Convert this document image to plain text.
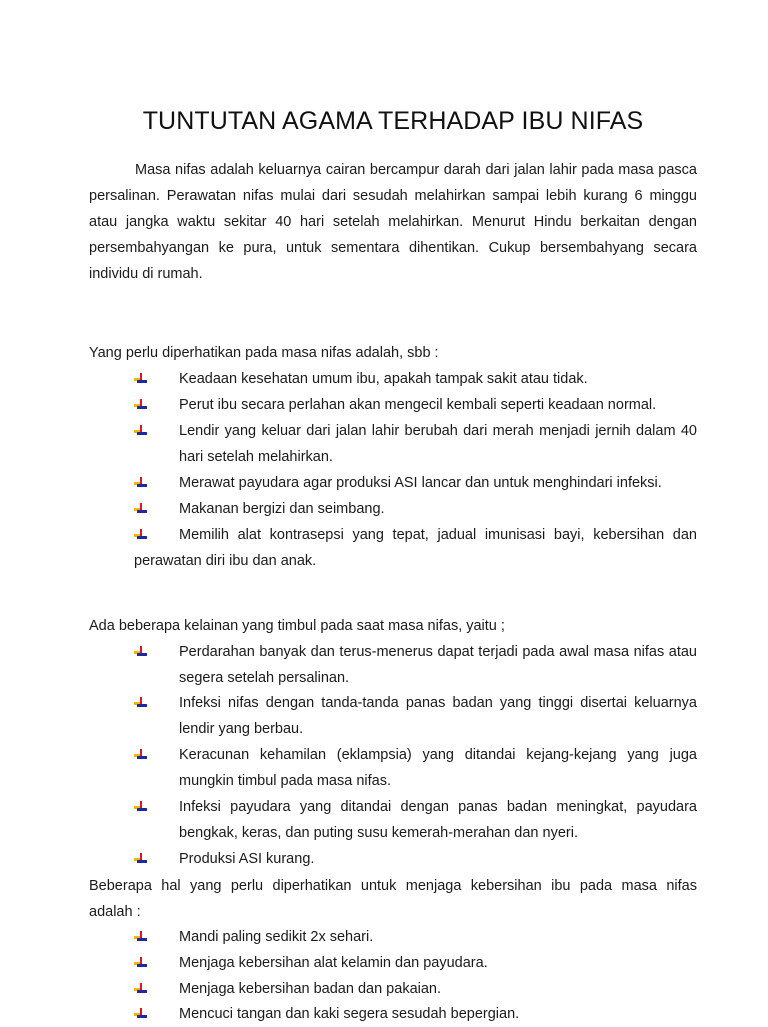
TUNTUTAN AGAMA TERHADAP IBU NIFAS

Masa nifas adalah keluarnya cairan bercampur darah dari jalan lahir pada masa pasca persalinan. Perawatan nifas mulai dari sesudah melahirkan sampai lebih kurang 6 minggu atau jangka waktu sekitar 40 hari setelah melahirkan. Menurut Hindu berkaitan dengan persembahyangan ke pura, untuk sementara dihentikan. Cukup bersembahyang secara individu di rumah.

Yang perlu diperhatikan pada masa nifas adalah, sbb :
Keadaan kesehatan umum ibu, apakah tampak sakit atau tidak.
Perut ibu secara perlahan akan mengecil kembali seperti keadaan normal.
Lendir yang keluar dari jalan lahir berubah dari merah menjadi jernih dalam 40 hari setelah melahirkan.
Merawat payudara agar produksi ASI lancar dan untuk menghindari infeksi.
Makanan bergizi dan seimbang.
Memilih alat kontrasepsi yang tepat, jadual imunisasi bayi, kebersihan dan perawatan diri ibu dan anak.
Ada beberapa kelainan yang timbul pada saat masa nifas, yaitu ;
Perdarahan banyak dan terus-menerus dapat terjadi pada awal masa nifas atau segera setelah persalinan.
Infeksi nifas dengan tanda-tanda panas badan yang tinggi disertai keluarnya lendir yang berbau.
Keracunan kehamilan (eklampsia) yang ditandai kejang-kejang yang juga mungkin timbul pada masa nifas.
Infeksi payudara yang ditandai dengan panas badan meningkat, payudara bengkak, keras, dan puting susu kemerah-merahan dan nyeri.
Produksi ASI kurang.
Beberapa hal yang perlu diperhatikan untuk menjaga kebersihan ibu pada masa nifas
adalah :
Mandi paling sedikit 2x sehari.
Menjaga kebersihan alat kelamin dan payudara.
Menjaga kebersihan badan dan pakaian.
Mencuci tangan dan kaki segera sesudah bepergian.
